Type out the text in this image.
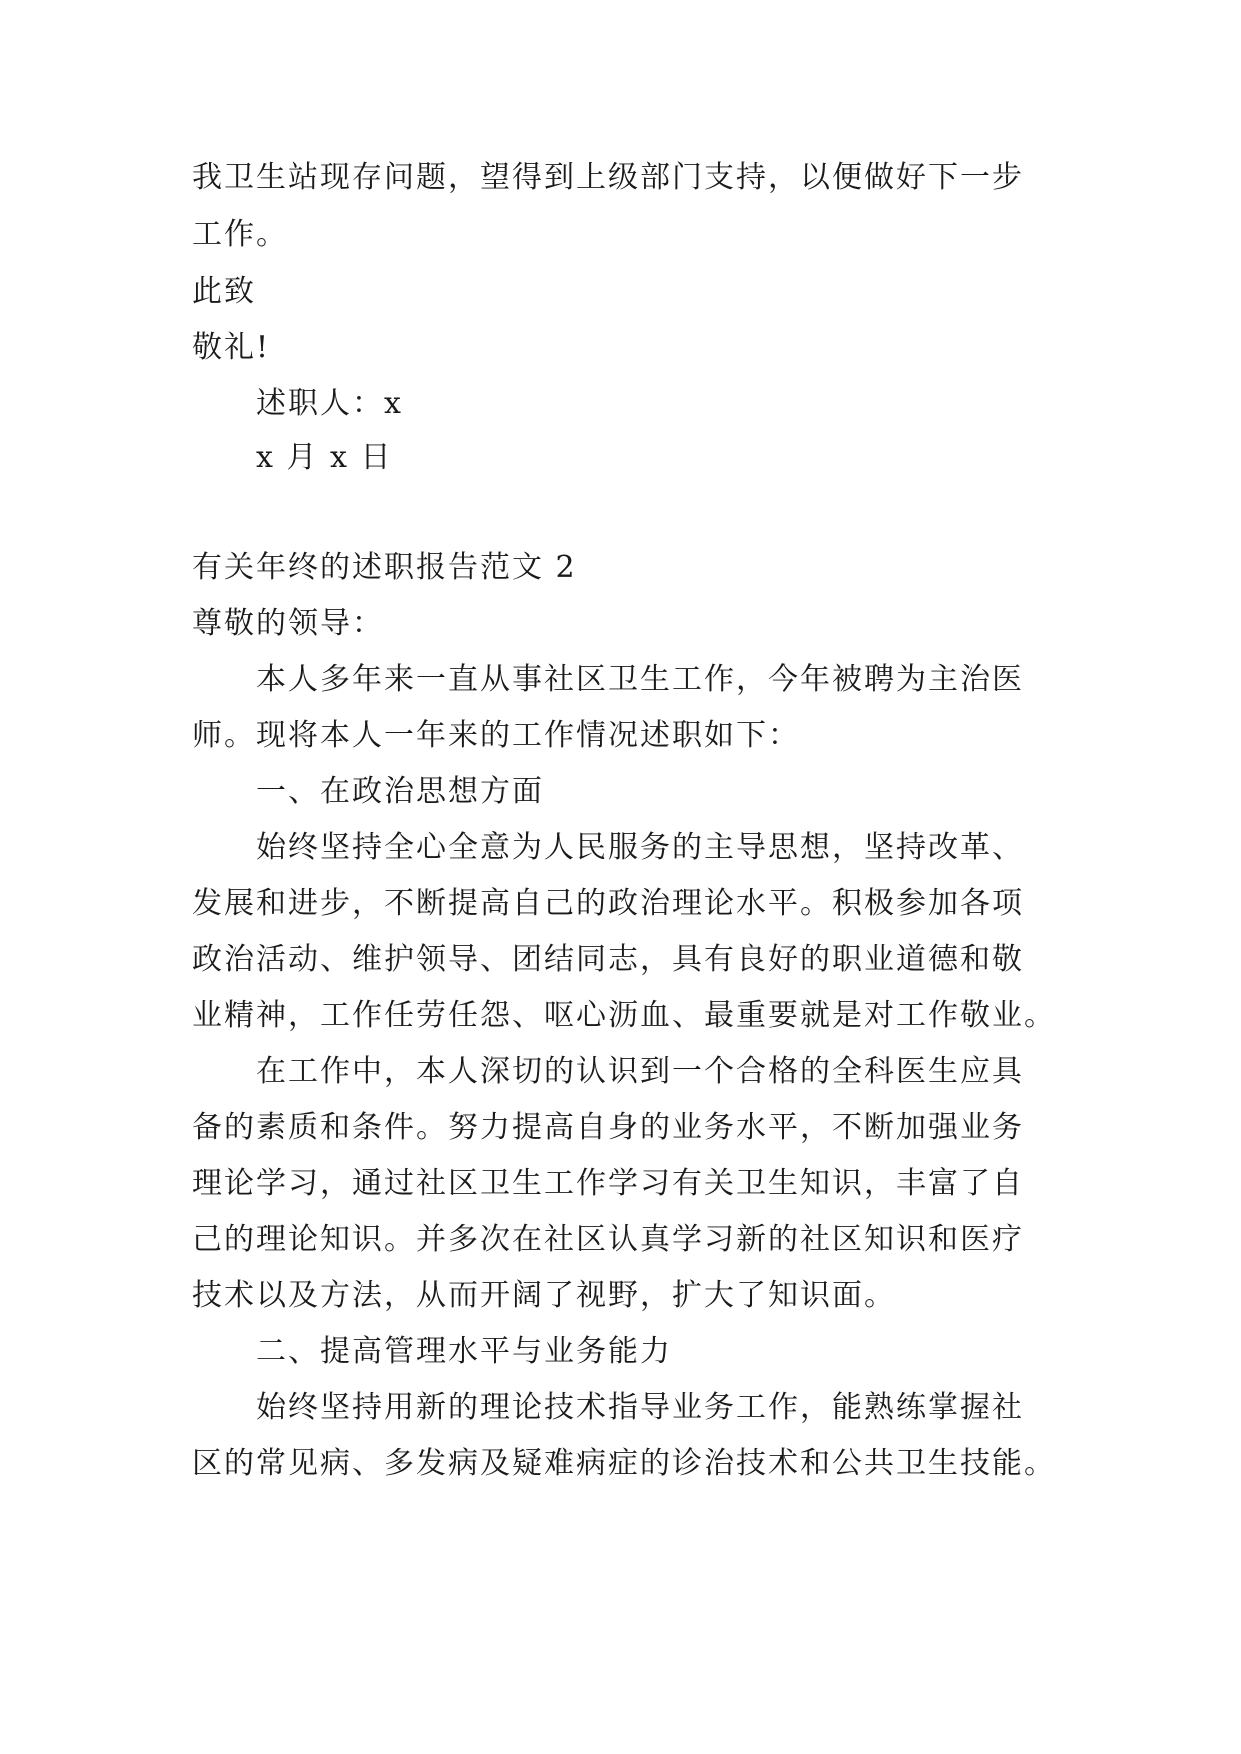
我卫生站现存问题，望得到上级部门支持，以便做好下一步
工作。
此致
敬礼!
述职人：x
x 月 x 日
有关年终的述职报告范文 2
尊敬的领导：
本人多年来一直从事社区卫生工作，今年被聘为主治医
师。现将本人一年来的工作情况述职如下：
一、在政治思想方面
始终坚持全心全意为人民服务的主导思想，坚持改革、
发展和进步，不断提高自己的政治理论水平。积极参加各项
政治活动、维护领导、团结同志，具有良好的职业道德和敬
业精神，工作任劳任怨、呕心沥血、最重要就是对工作敬业。
在工作中，本人深切的认识到一个合格的全科医生应具
备的素质和条件。努力提高自身的业务水平，不断加强业务
理论学习，通过社区卫生工作学习有关卫生知识，丰富了自
己的理论知识。并多次在社区认真学习新的社区知识和医疗
技术以及方法，从而开阔了视野，扩大了知识面。
二、提高管理水平与业务能力
始终坚持用新的理论技术指导业务工作，能熟练掌握社
区的常见病、多发病及疑难病症的诊治技术和公共卫生技能。
